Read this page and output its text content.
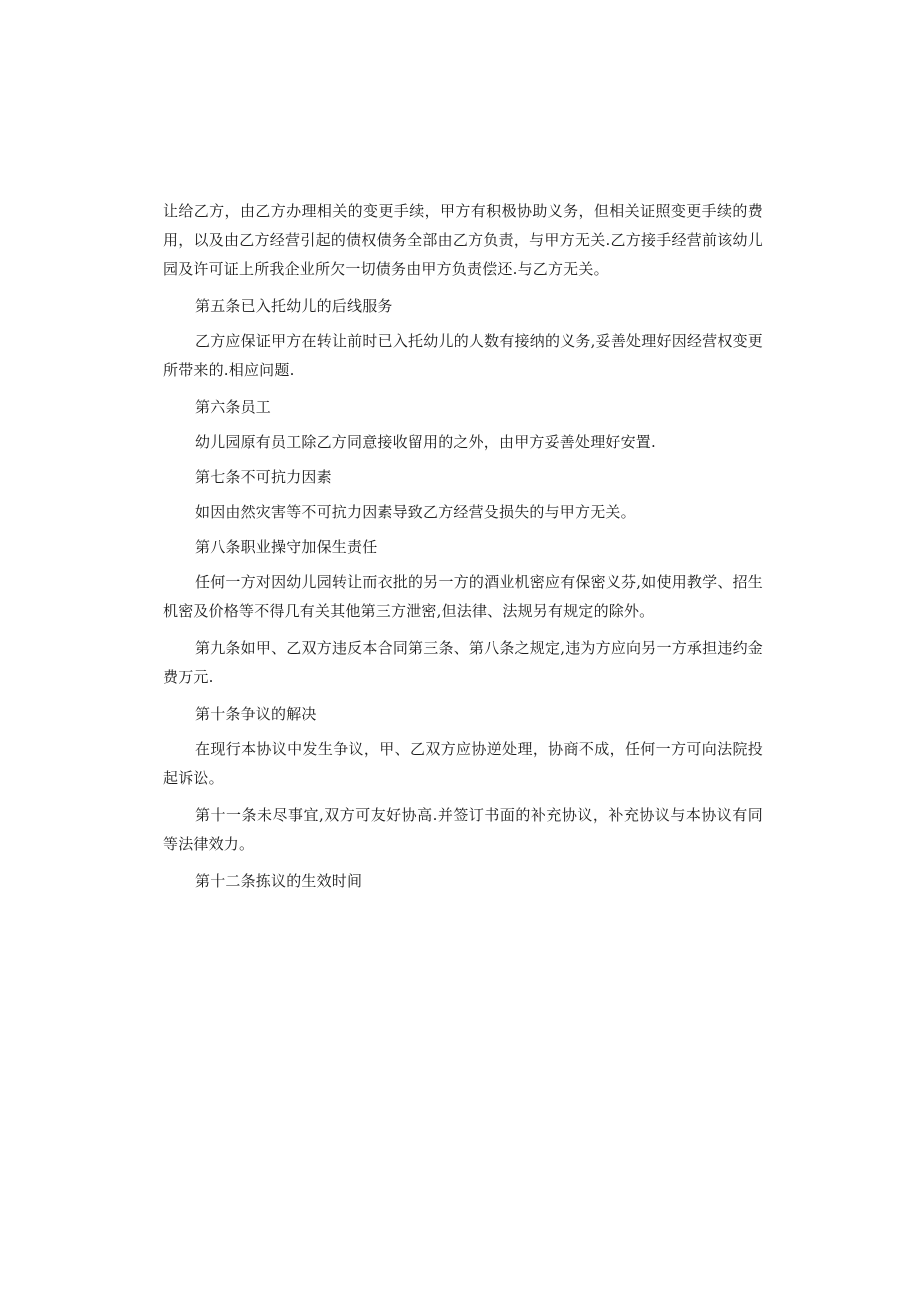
让给乙方，由乙方办理相关的变更手续，甲方有积极协助义务，但相关证照变更手续的费用，以及由乙方经营引起的债权债务全部由乙方负责，与甲方无关.乙方接手经营前该幼儿园及许可证上所我企业所欠一切债务由甲方负责偿还.与乙方无关。

第五条已入托幼儿的后线服务

乙方应保证甲方在转让前时已入托幼儿的人数有接纳的义务,妥善处理好因经营权变更所带来的.相应问题.

第六条员工

幼儿园原有员工除乙方同意接收留用的之外，由甲方妥善处理好安置.

第七条不可抗力因素

如因由然灾害等不可抗力因素导致乙方经营殳损失的与甲方无关。

第八条职业操守加保生责任

任何一方对因幼儿园转让而衣批的另一方的酒业机密应有保密义芬,如使用教学、招生机密及价格等不得几有关其他第三方泄密,但法律、法规另有规定的除外。

第九条如甲、乙双方违反本合同第三条、第八条之规定,违为方应向另一方承担违约金费万元.

第十条争议的解决

在现行本协议中发生争议，甲、乙双方应协逆处理，协商不成，任何一方可向法院投起诉讼。

第十一条未尽事宜,双方可友好协高.并签订书面的补充协议，补充协议与本协议有同等法律效力。

第十二条拣议的生效时间
